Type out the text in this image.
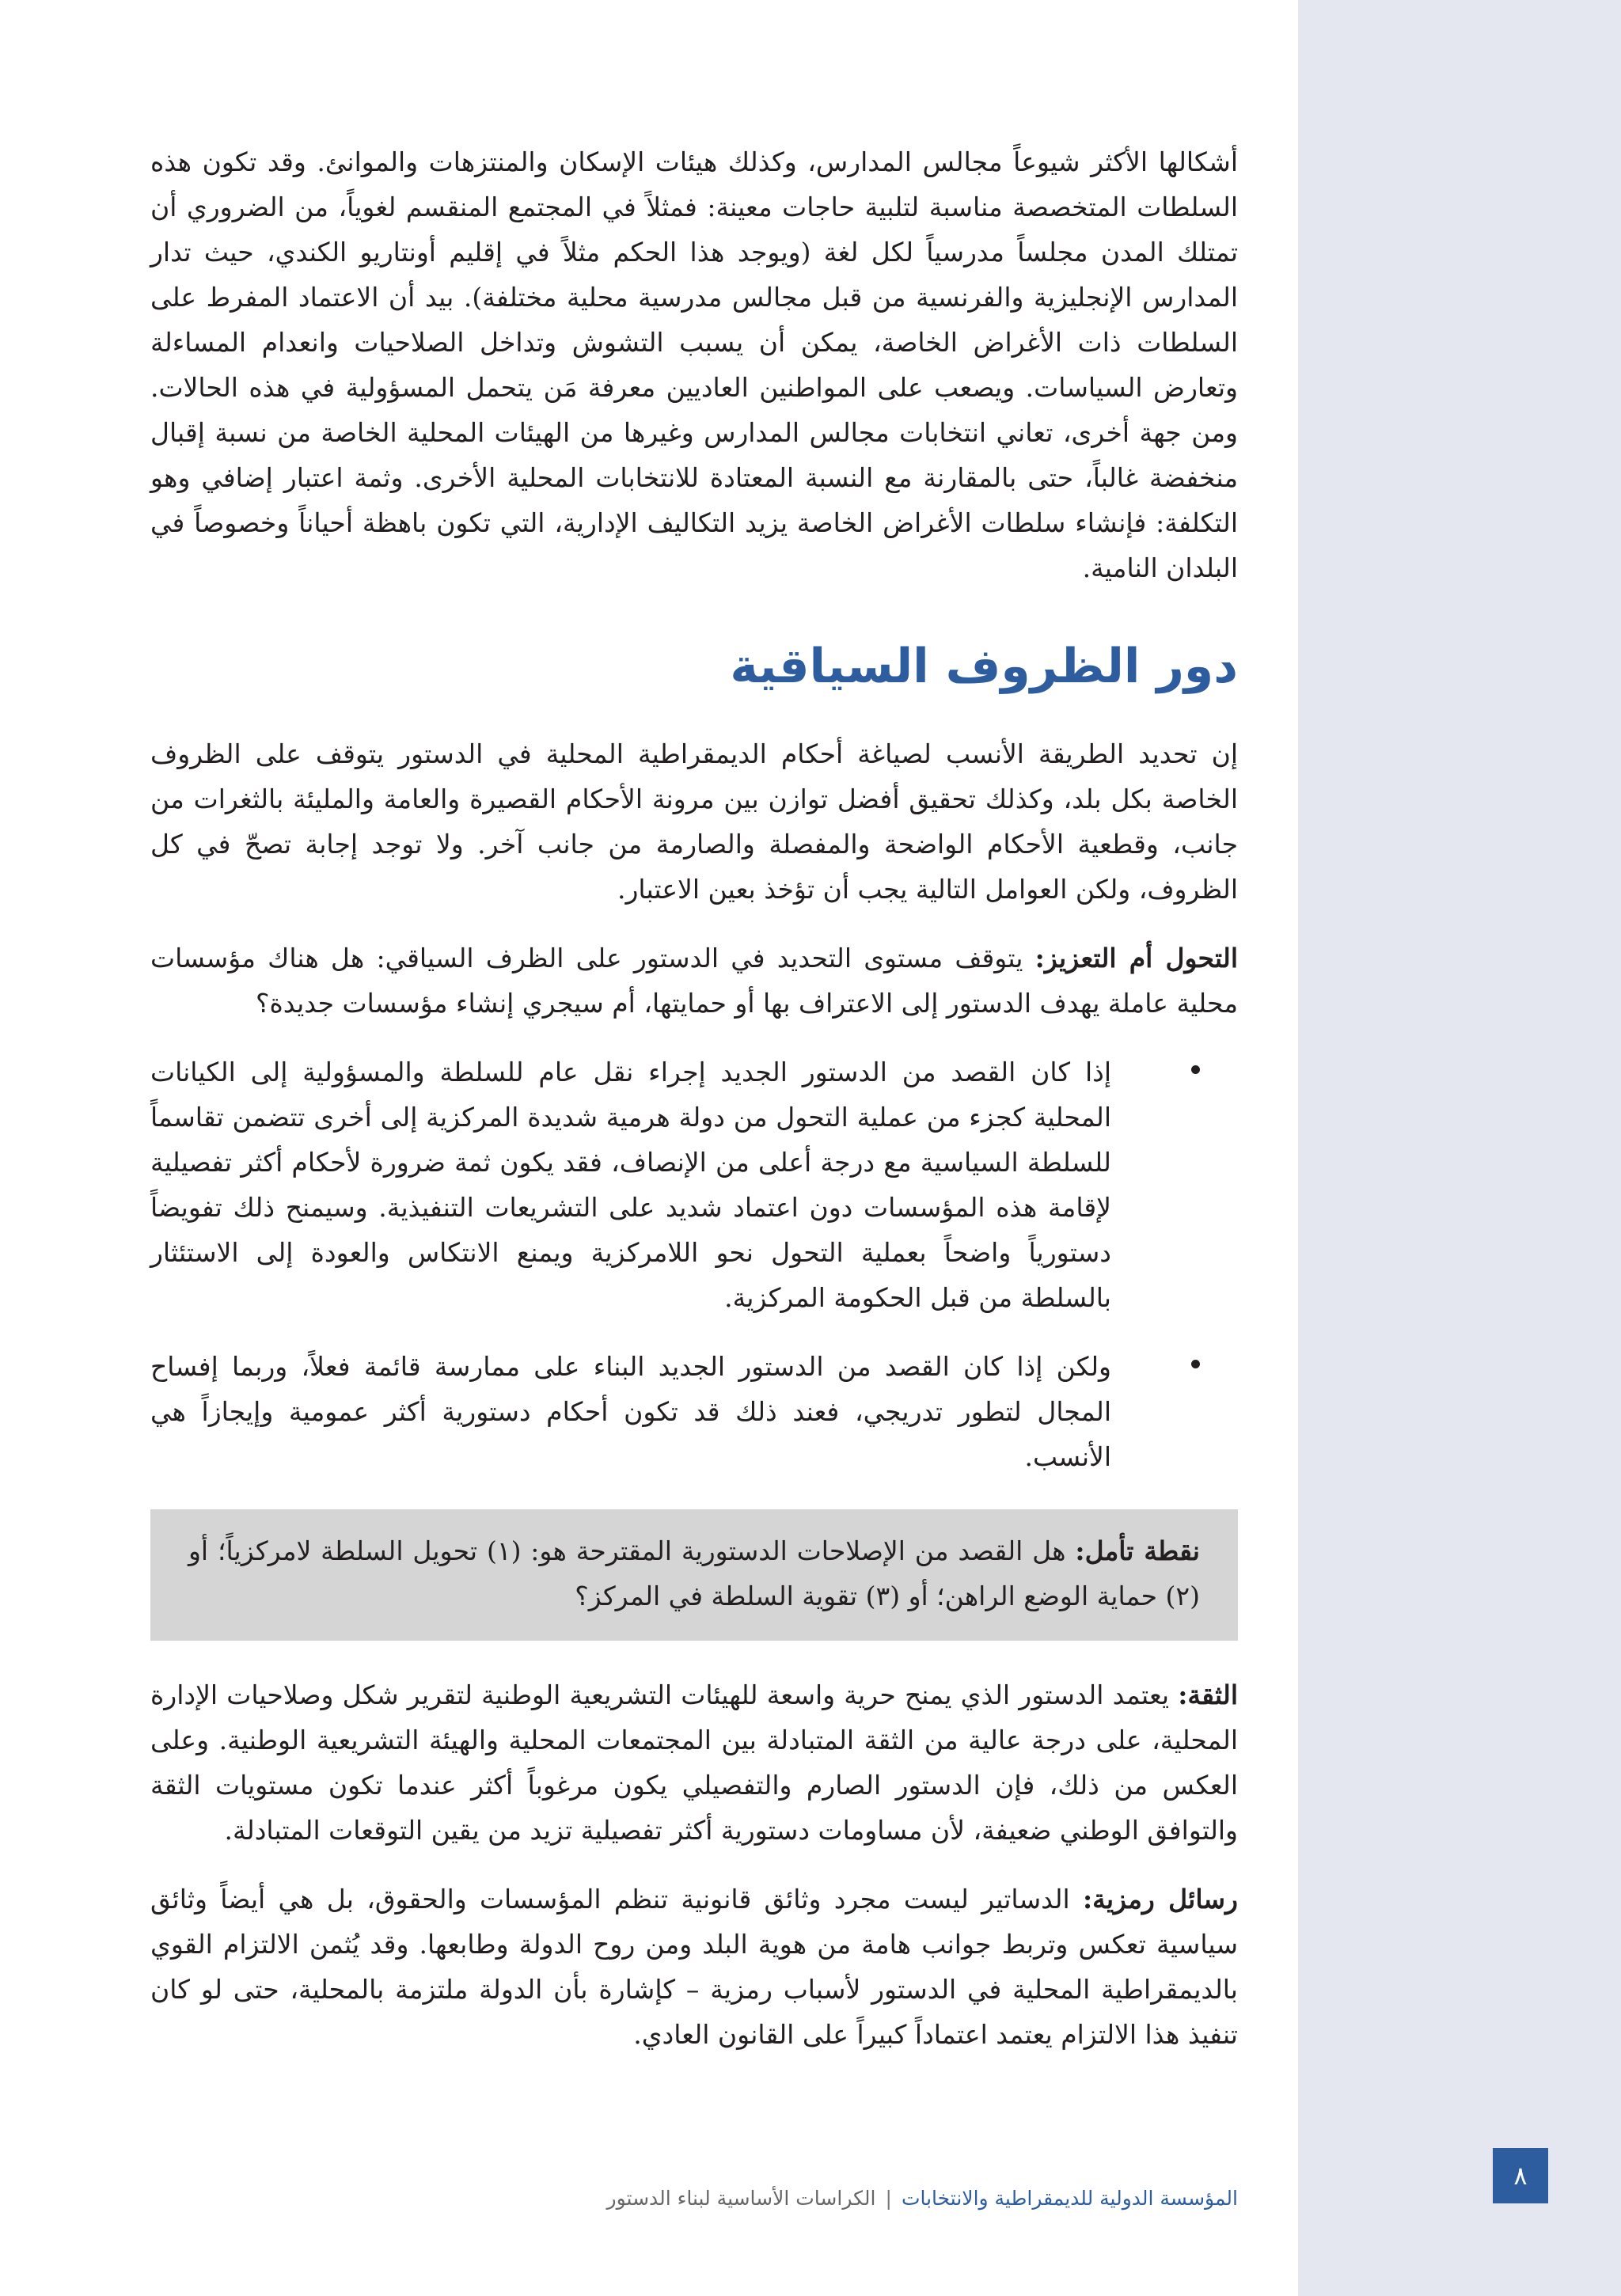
أشكالها الأكثر شيوعاً مجالس المدارس، وكذلك هيئات الإسكان والمنتزهات والموانئ. وقد تكون هذه السلطات المتخصصة مناسبة لتلبية حاجات معينة: فمثلاً في المجتمع المنقسم لغوياً، من الضروري أن تمتلك المدن مجلساً مدرسياً لكل لغة (ويوجد هذا الحكم مثلاً في إقليم أونتاريو الكندي، حيث تدار المدارس الإنجليزية والفرنسية من قبل مجالس مدرسية محلية مختلفة). بيد أن الاعتماد المفرط على السلطات ذات الأغراض الخاصة، يمكن أن يسبب التشوش وتداخل الصلاحيات وانعدام المساءلة وتعارض السياسات. ويصعب على المواطنين العاديين معرفة مَن يتحمل المسؤولية في هذه الحالات. ومن جهة أخرى، تعاني انتخابات مجالس المدارس وغيرها من الهيئات المحلية الخاصة من نسبة إقبال منخفضة غالباً، حتى بالمقارنة مع النسبة المعتادة للانتخابات المحلية الأخرى. وثمة اعتبار إضافي وهو التكلفة: فإنشاء سلطات الأغراض الخاصة يزيد التكاليف الإدارية، التي تكون باهظة أحياناً وخصوصاً في البلدان النامية.

دور الظروف السياقية

إن تحديد الطريقة الأنسب لصياغة أحكام الديمقراطية المحلية في الدستور يتوقف على الظروف الخاصة بكل بلد، وكذلك تحقيق أفضل توازن بين مرونة الأحكام القصيرة والعامة والمليئة بالثغرات من جانب، وقطعية الأحكام الواضحة والمفصلة والصارمة من جانب آخر. ولا توجد إجابة تصحّ في كل الظروف، ولكن العوامل التالية يجب أن تؤخذ بعين الاعتبار.

التحول أم التعزيز: يتوقف مستوى التحديد في الدستور على الظرف السياقي: هل هناك مؤسسات محلية عاملة يهدف الدستور إلى الاعتراف بها أو حمايتها، أم سيجري إنشاء مؤسسات جديدة؟

إذا كان القصد من الدستور الجديد إجراء نقل عام للسلطة والمسؤولية إلى الكيانات المحلية كجزء من عملية التحول من دولة هرمية شديدة المركزية إلى أخرى تتضمن تقاسماً للسلطة السياسية مع درجة أعلى من الإنصاف، فقد يكون ثمة ضرورة لأحكام أكثر تفصيلية لإقامة هذه المؤسسات دون اعتماد شديد على التشريعات التنفيذية. وسيمنح ذلك تفويضاً دستورياً واضحاً بعملية التحول نحو اللامركزية ويمنع الانتكاس والعودة إلى الاستئثار بالسلطة من قبل الحكومة المركزية.
ولكن إذا كان القصد من الدستور الجديد البناء على ممارسة قائمة فعلاً، وربما إفساح المجال لتطور تدريجي، فعند ذلك قد تكون أحكام دستورية أكثر عمومية وإيجازاً هي الأنسب.

نقطة تأمل: هل القصد من الإصلاحات الدستورية المقترحة هو: (١) تحويل السلطة لامركزياً؛ أو (٢) حماية الوضع الراهن؛ أو (٣) تقوية السلطة في المركز؟

الثقة: يعتمد الدستور الذي يمنح حرية واسعة للهيئات التشريعية الوطنية لتقرير شكل وصلاحيات الإدارة المحلية، على درجة عالية من الثقة المتبادلة بين المجتمعات المحلية والهيئة التشريعية الوطنية. وعلى العكس من ذلك، فإن الدستور الصارم والتفصيلي يكون مرغوباً أكثر عندما تكون مستويات الثقة والتوافق الوطني ضعيفة، لأن مساومات دستورية أكثر تفصيلية تزيد من يقين التوقعات المتبادلة.

رسائل رمزية: الدساتير ليست مجرد وثائق قانونية تنظم المؤسسات والحقوق، بل هي أيضاً وثائق سياسية تعكس وتربط جوانب هامة من هوية البلد ومن روح الدولة وطابعها. وقد يُثمن الالتزام القوي بالديمقراطية المحلية في الدستور لأسباب رمزية – كإشارة بأن الدولة ملتزمة بالمحلية، حتى لو كان تنفيذ هذا الالتزام يعتمد اعتماداً كبيراً على القانون العادي.

المؤسسة الدولية للديمقراطية والانتخابات|الكراسات الأساسية لبناء الدستور
٨
